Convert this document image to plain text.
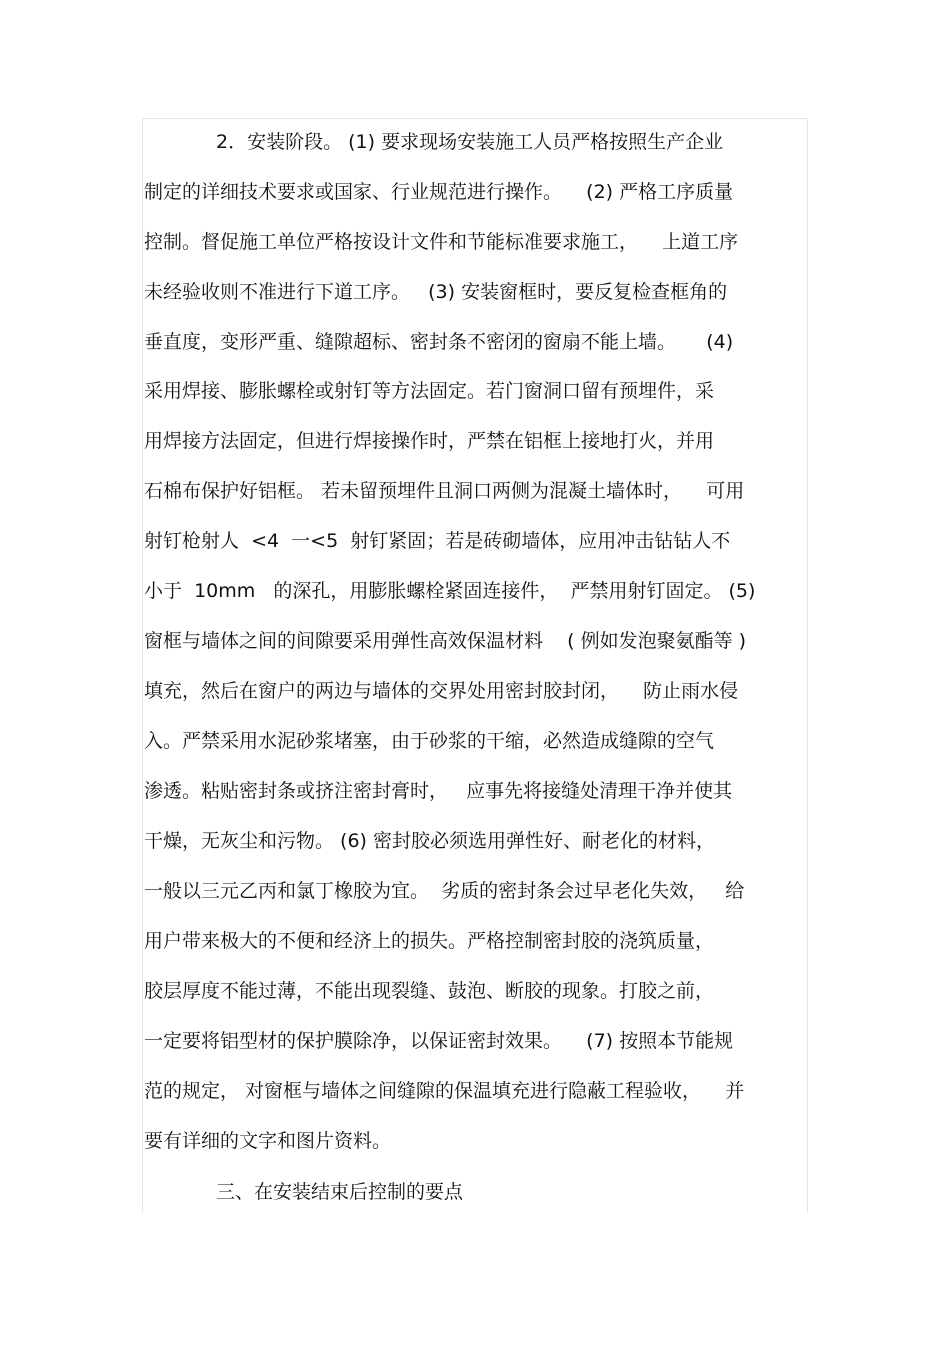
2．安装阶段。 (1) 要求现场安装施工人员严格按照生产企业
制定的详细技术要求或国家、行业规范进行操作。    (2) 严格工序质量
控制。督促施工单位严格按设计文件和节能标准要求施工，    上道工序
未经验收则不准进行下道工序。   (3) 安装窗框时，要反复检查框角的
垂直度，变形严重、缝隙超标、密封条不密闭的窗扇不能上墙。     (4)
采用焊接、膨胀螺栓或射钉等方法固定。若门窗洞口留有预埋件，采
用焊接方法固定，但进行焊接操作时，严禁在铝框上接地打火，并用
石棉布保护好铝框。 若未留预埋件且洞口两侧为混凝土墙体时，    可用
射钉枪射人  <4  一<5  射钉紧固；若是砖砌墙体，应用冲击钻钻人不
小于  10mm   的深孔，用膨胀螺栓紧固连接件，  严禁用射钉固定。 (5)
窗框与墙体之间的间隙要采用弹性高效保温材料    ( 例如发泡聚氨酯等 )
填充，然后在窗户的两边与墙体的交界处用密封胶封闭，    防止雨水侵
入。严禁采用水泥砂浆堵塞，由于砂浆的干缩，必然造成缝隙的空气
渗透。粘贴密封条或挤注密封膏时，   应事先将接缝处清理干净并使其
干燥，无灰尘和污物。 (6) 密封胶必须选用弹性好、耐老化的材料，
一般以三元乙丙和氯丁橡胶为宜。  劣质的密封条会过早老化失效，   给
用户带来极大的不便和经济上的损失。严格控制密封胶的浇筑质量，
胶层厚度不能过薄，不能出现裂缝、鼓泡、断胶的现象。打胶之前，
一定要将铝型材的保护膜除净，以保证密封效果。    (7) 按照本节能规
范的规定， 对窗框与墙体之间缝隙的保温填充进行隐蔽工程验收，    并
要有详细的文字和图片资料。
三、在安装结束后控制的要点
